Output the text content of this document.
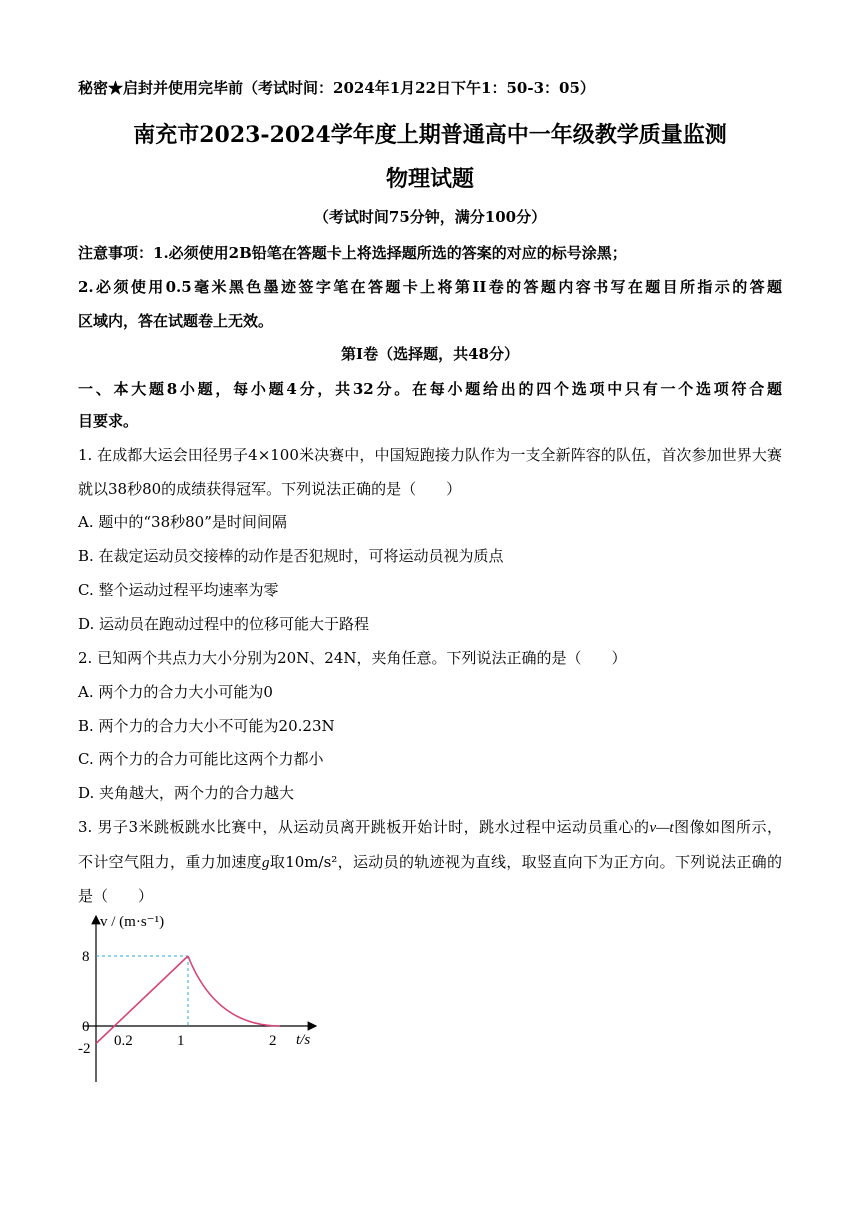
秘密★启封并使用完毕前（考试时间：2024年1月22日下午1：50-3：05）
南充市2023-2024学年度上期普通高中一年级教学质量监测
物理试题
（考试时间75分钟，满分100分）
注意事项：1.必须使用2B铅笔在答题卡上将选择题所选的答案的对应的标号涂黑；
2.必须使用0.5毫米黑色墨迹签字笔在答题卡上将第II卷的答题内容书写在题目所指示的答题
区域内，答在试题卷上无效。
第Ⅰ卷（选择题，共48分）
一、本大题8小题，每小题4分，共32分。在每小题给出的四个选项中只有一个选项符合题
目要求。
1. 在成都大运会田径男子4×100米决赛中，中国短跑接力队作为一支全新阵容的队伍，首次参加世界大赛
就以38秒80的成绩获得冠军。下列说法正确的是（　　）
A. 题中的“38秒80”是时间间隔
B. 在裁定运动员交接棒的动作是否犯规时，可将运动员视为质点
C. 整个运动过程平均速率为零
D. 运动员在跑动过程中的位移可能大于路程
2. 已知两个共点力大小分别为20N、24N，夹角任意。下列说法正确的是（　　）
A. 两个力的合力大小可能为0
B. 两个力的合力大小不可能为20.23N
C. 两个力的合力可能比这两个力都小
D. 夹角越大，两个力的合力越大
3. 男子3米跳板跳水比赛中，从运动员离开跳板开始计时，跳水过程中运动员重心的v—t图像如图所示，
不计空气阻力，重力加速度g取10m/s²，运动员的轨迹视为直线，取竖直向下为正方向。下列说法正确的
是（　　）
v / (m·s⁻¹)
t/s
8
0
-2 0.2	1	2
